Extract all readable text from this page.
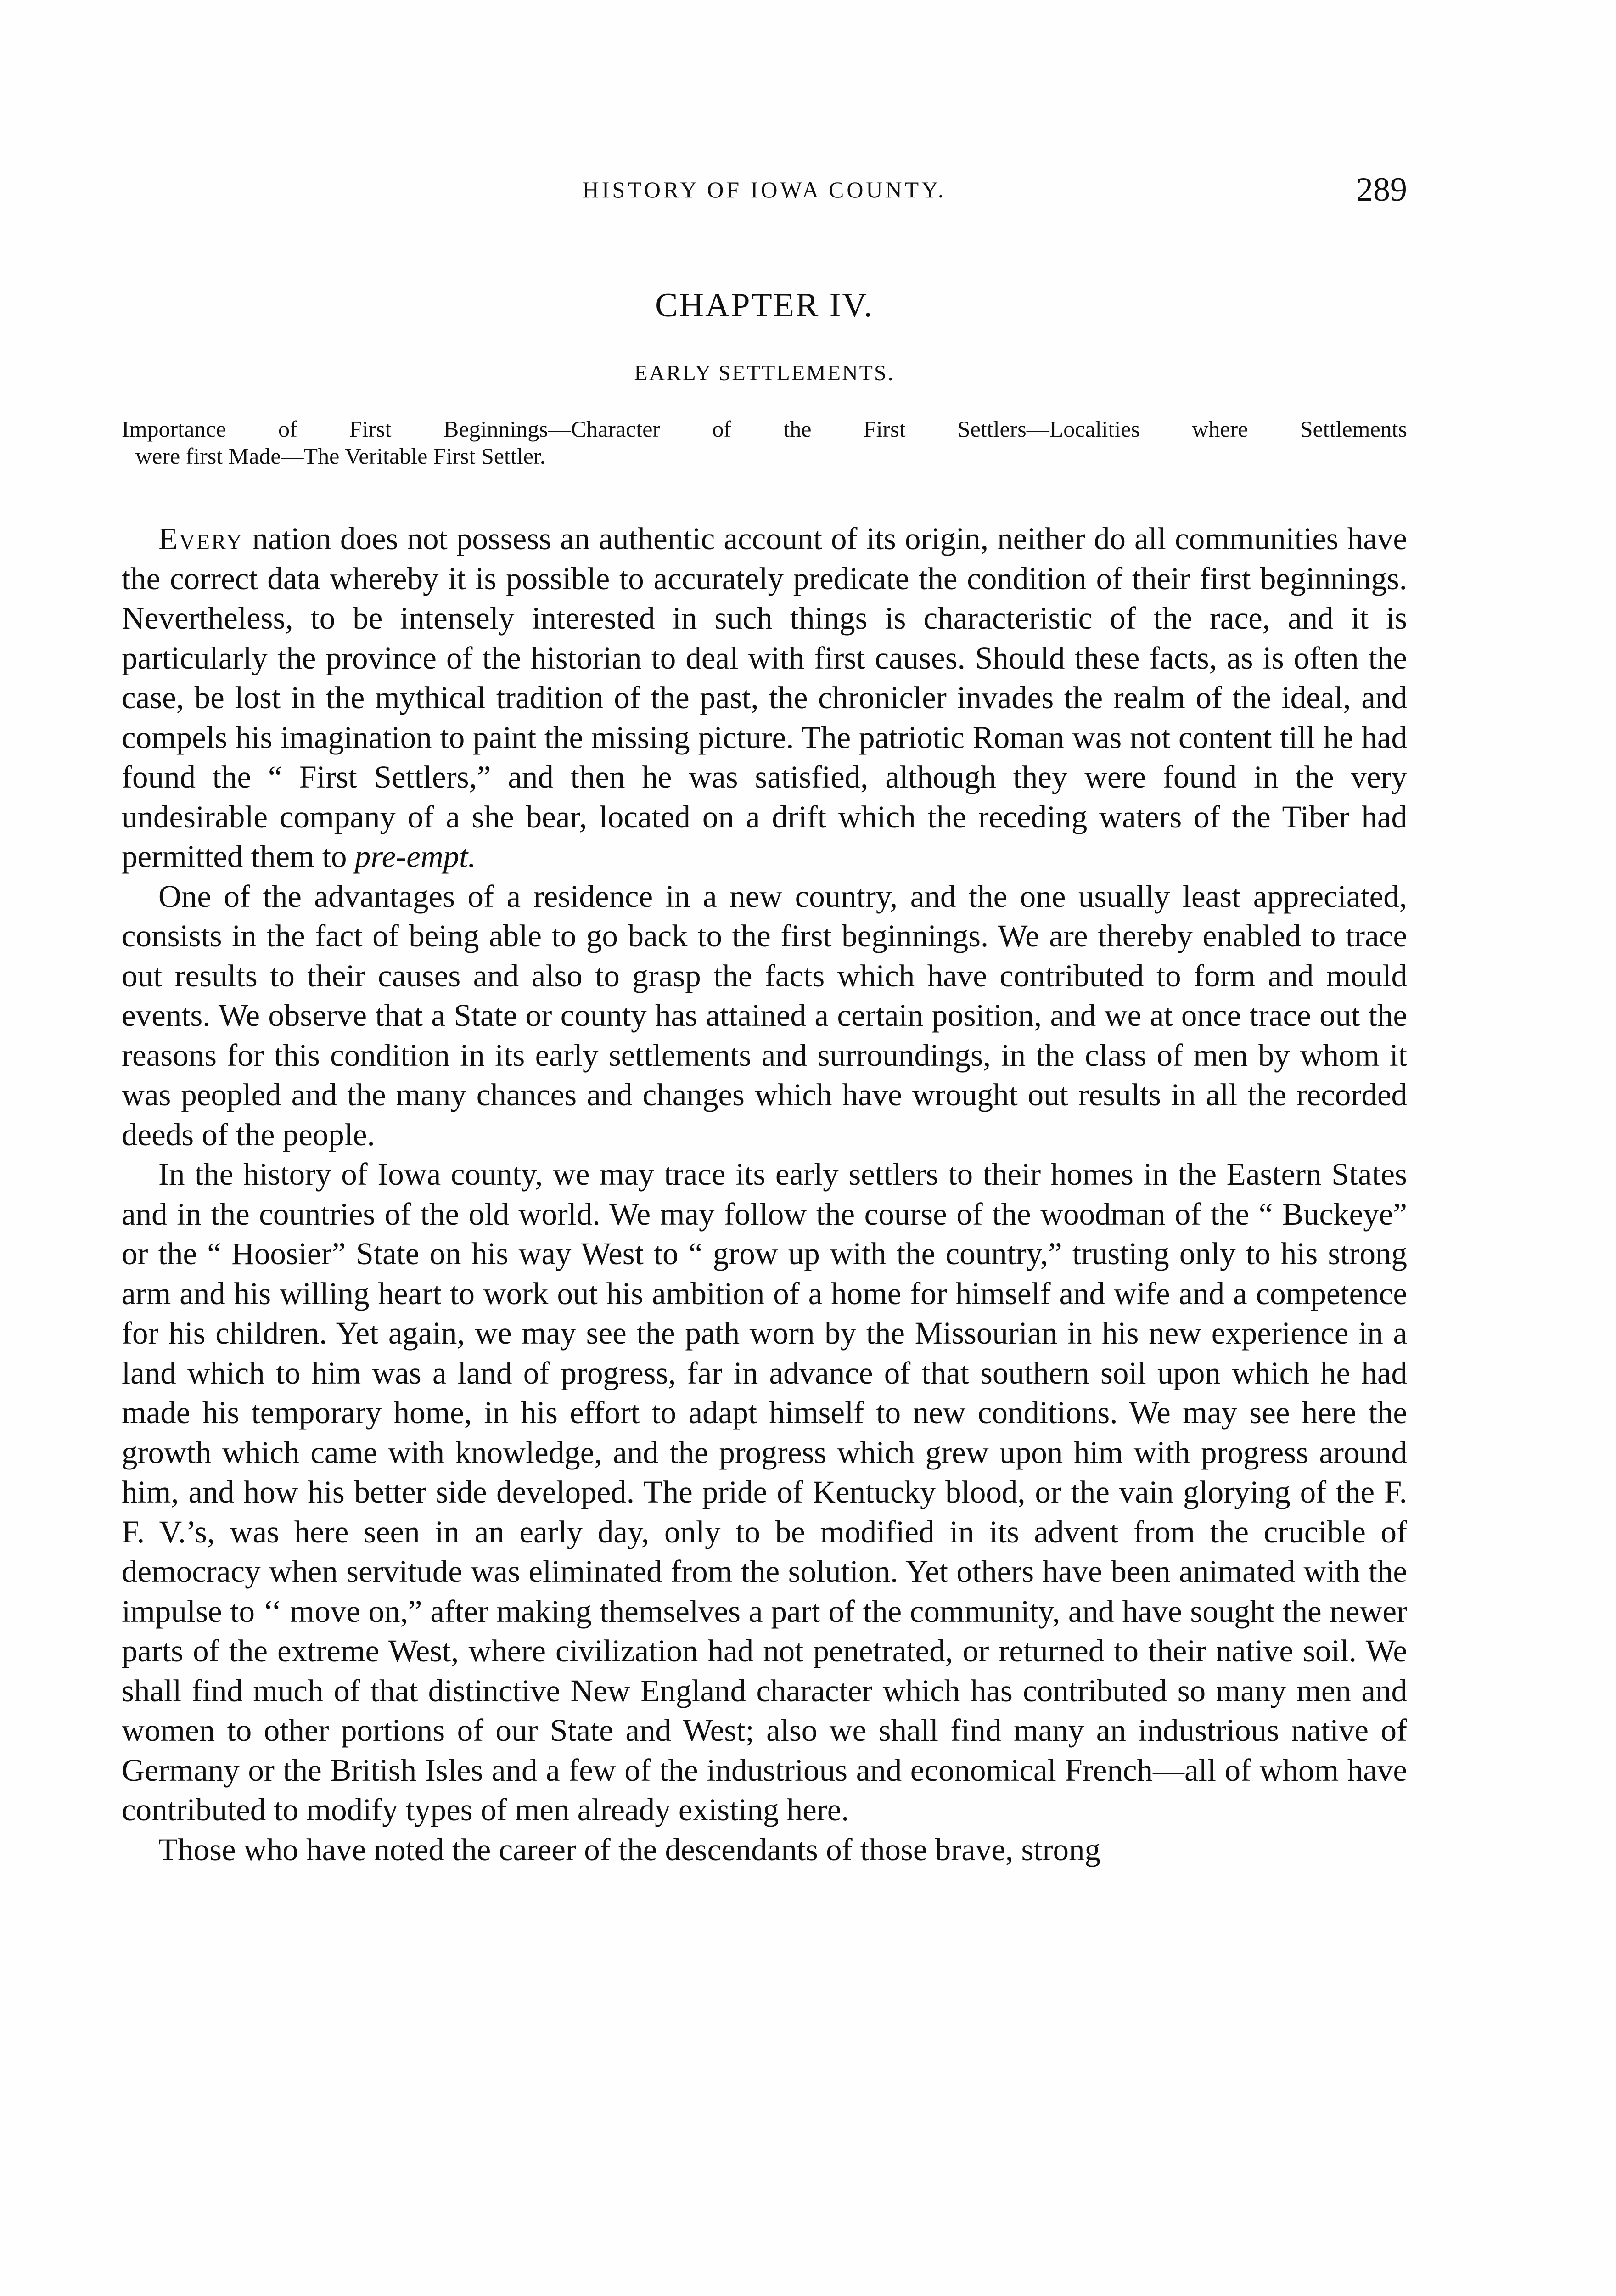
HISTORY OF IOWA COUNTY.	289
CHAPTER IV.
EARLY SETTLEMENTS.
Importance of First Beginnings—Character of the First Settlers—Localities where Settlements
were first Made—The Veritable First Settler.

Every nation does not possess an authentic account of its origin, neither do all communities have the correct data whereby it is possible to accurately predicate the condition of their first beginnings. Nevertheless, to be intensely interested in such things is characteristic of the race, and it is particularly the province of the historian to deal with first causes. Should these facts, as is often the case, be lost in the mythical tradition of the past, the chronicler invades the realm of the ideal, and compels his imagination to paint the missing picture. The patriotic Roman was not content till he had found the “ First Settlers,” and then he was satisfied, although they were found in the very undesirable company of a she bear, located on a drift which the receding waters of the Tiber had permitted them to pre-empt.

One of the advantages of a residence in a new country, and the one usually least appreciated, consists in the fact of being able to go back to the first beginnings. We are thereby enabled to trace out results to their causes and also to grasp the facts which have contributed to form and mould events. We observe that a State or county has attained a certain position, and we at once trace out the reasons for this condition in its early settlements and surroundings, in the class of men by whom it was peopled and the many chances and changes which have wrought out results in all the recorded deeds of the people.

In the history of Iowa county, we may trace its early settlers to their homes in the Eastern States and in the countries of the old world. We may follow the course of the woodman of the “ Buckeye” or the “ Hoosier” State on his way West to “ grow up with the country,” trusting only to his strong arm and his willing heart to work out his ambition of a home for himself and wife and a competence for his children. Yet again, we may see the path worn by the Missourian in his new experience in a land which to him was a land of progress, far in advance of that southern soil upon which he had made his temporary home, in his effort to adapt himself to new conditions. We may see here the growth which came with knowledge, and the progress which grew upon him with progress around him, and how his better side developed. The pride of Kentucky blood, or the vain glorying of the F. F. V.’s, was here seen in an early day, only to be modified in its advent from the crucible of democracy when servitude was eliminated from the solution. Yet others have been animated with the impulse to ‘‘ move on,” after making themselves a part of the community, and have sought the newer parts of the extreme West, where civilization had not penetrated, or returned to their native soil. We shall find much of that distinctive New England character which has contributed so many men and women to other portions of our State and West; also we shall find many an industrious native of Germany or the British Isles and a few of the industrious and economical French—all of whom have contributed to modify types of men already existing here.

Those who have noted the career of the descendants of those brave, strong
